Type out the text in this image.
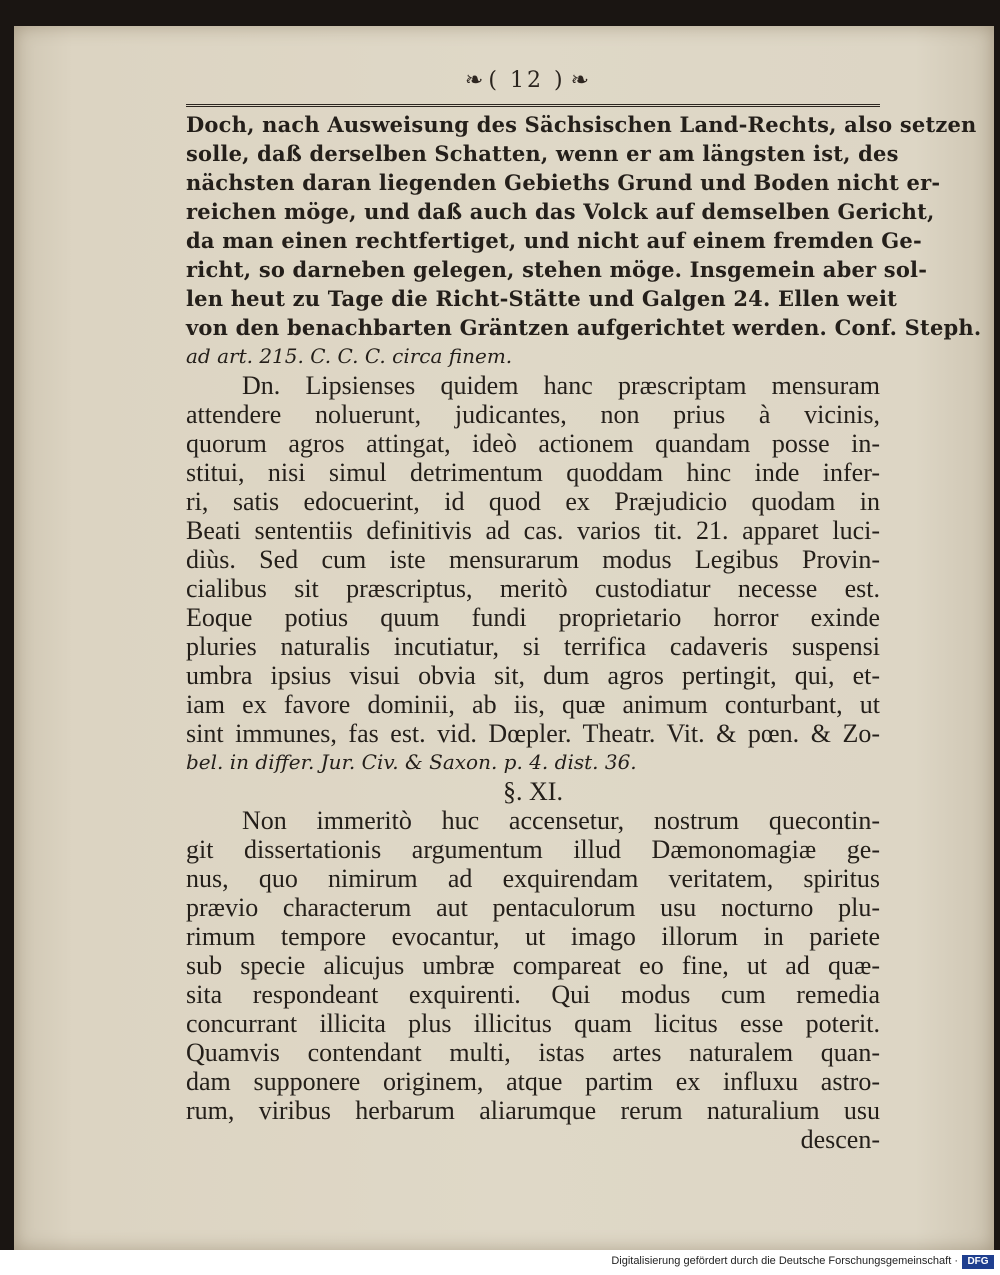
❧ ( 12 ) ❧
Doch, nach Ausweisung des Sächsischen Land-Rechts, also setzen
solle, daß derselben Schatten, wenn er am längsten ist, des
nächsten daran liegenden Gebieths Grund und Boden nicht er-
reichen möge, und daß auch das Volck auf demselben Gericht,
da man einen rechtfertiget, und nicht auf einem fremden Ge-
richt, so darneben gelegen, stehen möge. Insgemein aber sol-
len heut zu Tage die Richt-Stätte und Galgen 24. Ellen weit
von den benachbarten Gräntzen aufgerichtet werden. Conf. Steph.
ad art. 215. C. C. C. circa finem.
Dn. Lipsienses quidem hanc præscriptam mensuram
attendere noluerunt, judicantes, non prius à vicinis,
quorum agros attingat, ideò actionem quandam posse in-
stitui, nisi simul detrimentum quoddam hinc inde infer-
ri, satis edocuerint, id quod ex Præjudicio quodam in
Beati sententiis definitivis ad cas. varios tit. 21. apparet luci-
diùs. Sed cum iste mensurarum modus Legibus Provin-
cialibus sit præscriptus, meritò custodiatur necesse est.
Eoque potius quum fundi proprietario horror exinde
pluries naturalis incutiatur, si terrifica cadaveris suspensi
umbra ipsius visui obvia sit, dum agros pertingit, qui, et-
iam ex favore dominii, ab iis, quæ animum conturbant, ut
sint immunes, fas est. vid. Dœpler. Theatr. Vit. & pœn. & Zo-
bel. in differ. Jur. Civ. & Saxon. p. 4. dist. 36.
§. XI.
Non immeritò huc accensetur, nostrum quecontin-
git dissertationis argumentum illud Dæmonomagiæ ge-
nus, quo nimirum ad exquirendam veritatem, spiritus
prævio characterum aut pentaculorum usu nocturno plu-
rimum tempore evocantur, ut imago illorum in pariete
sub specie alicujus umbræ compareat eo fine, ut ad quæ-
sita respondeant exquirenti. Qui modus cum remedia
concurrant illicita plus illicitus quam licitus esse poterit.
Quamvis contendant multi, istas artes naturalem quan-
dam supponere originem, atque partim ex influxu astro-
rum, viribus herbarum aliarumque rerum naturalium usu
descen-
Digitalisierung gefördert durch die Deutsche Forschungsgemeinschaft · DFG
